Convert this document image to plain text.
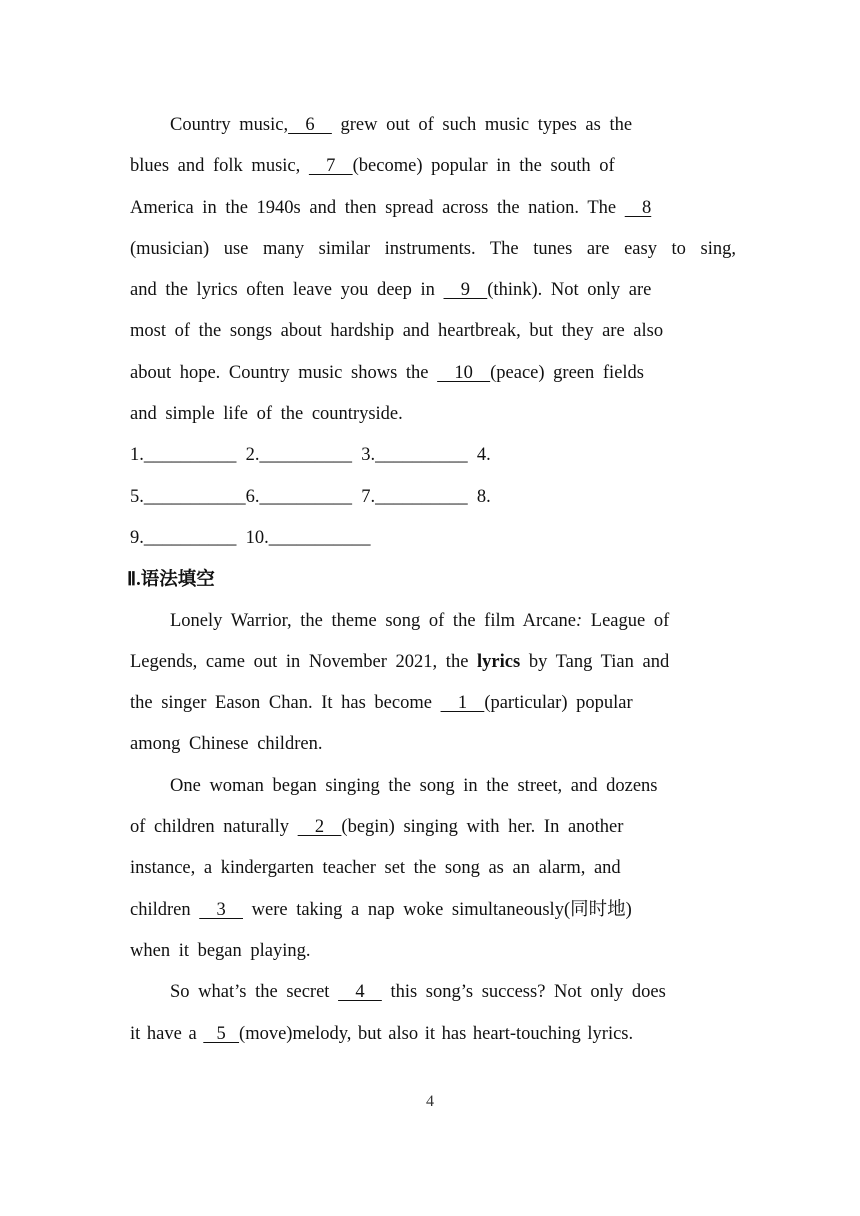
Country music,  6   grew out of such music types as the
blues and folk music,   7  (become) popular in the south of
America in the 1940s and then spread across the nation. The   8
(musician) use many similar instruments. The tunes are easy to sing,
and the lyrics often leave you deep in   9  (think). Not only are
most of the songs about hardship and heartbreak, but they are also
about hope. Country music shows the   10  (peace) green fields
and simple life of the countryside.
1.__________  2.__________  3.__________  4.
5.___________6.__________  7.__________  8.
9.__________  10.___________
Ⅱ.语法填空
Lonely Warrior, the theme song of the film Arcane: League of
Legends, came out in November 2021, the lyrics by Tang Tian and
the singer Eason Chan. It has become   1  (particular) popular
among Chinese children.
One woman began singing the song in the street, and dozens
of children naturally   2  (begin) singing with her. In another
instance, a kindergarten teacher set the song as an alarm, and
children   3   were taking a nap woke simultaneously(同时地)
when it began playing.
So what’s the secret   4   this song’s success? Not only does
it have a   5  (move)melody, but also it has heart-touching lyrics.
4
